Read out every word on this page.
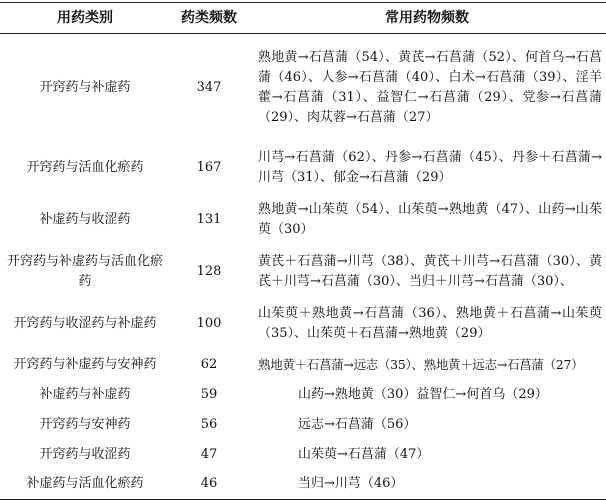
用药类别	药类频数	常用药物频数
开窍药与补虚药	347	熟地黄→石菖蒲（54）、黄芪→石菖蒲（52）、何首乌→石菖蒲（46）、人参→石菖蒲（40）、白术→石菖蒲（39）、淫羊藿→石菖蒲（31）、益智仁→石菖蒲（29）、党参→石菖蒲（29）、肉苁蓉→石菖蒲（27）
开窍药与活血化瘀药	167	川芎→石菖蒲（62）、丹参→石菖蒲（45）、丹参＋石菖蒲→川芎（31）、郁金→石菖蒲（29）
补虚药与收涩药	131	熟地黄→山茱萸（54）、山茱萸→熟地黄（47）、山药→山茱萸（30）
开窍药与补虚药与活血化瘀药	128	黄芪＋石菖蒲→川芎（38）、黄芪＋川芎→石菖蒲（30）、黄芪＋川芎→石菖蒲（30）、当归＋川芎→石菖蒲（30）、
开窍药与收涩药与补虚药	100	山茱萸＋熟地黄→石菖蒲（36）、熟地黄＋石菖蒲→山茱萸（35）、山茱萸＋石菖蒲→熟地黄（29）
开窍药与补虚药与安神药	62	熟地黄＋石菖蒲→远志（35）、熟地黄＋远志→石菖蒲（27）
补虚药与补虚药	59	山药→熟地黄（30）益智仁→何首乌（29）
开窍药与安神药	56	远志→石菖蒲（56）
开窍药与收涩药	47	山茱萸→石菖蒲（47）
补虚药与活血化瘀药	46	当归→川芎（46）
